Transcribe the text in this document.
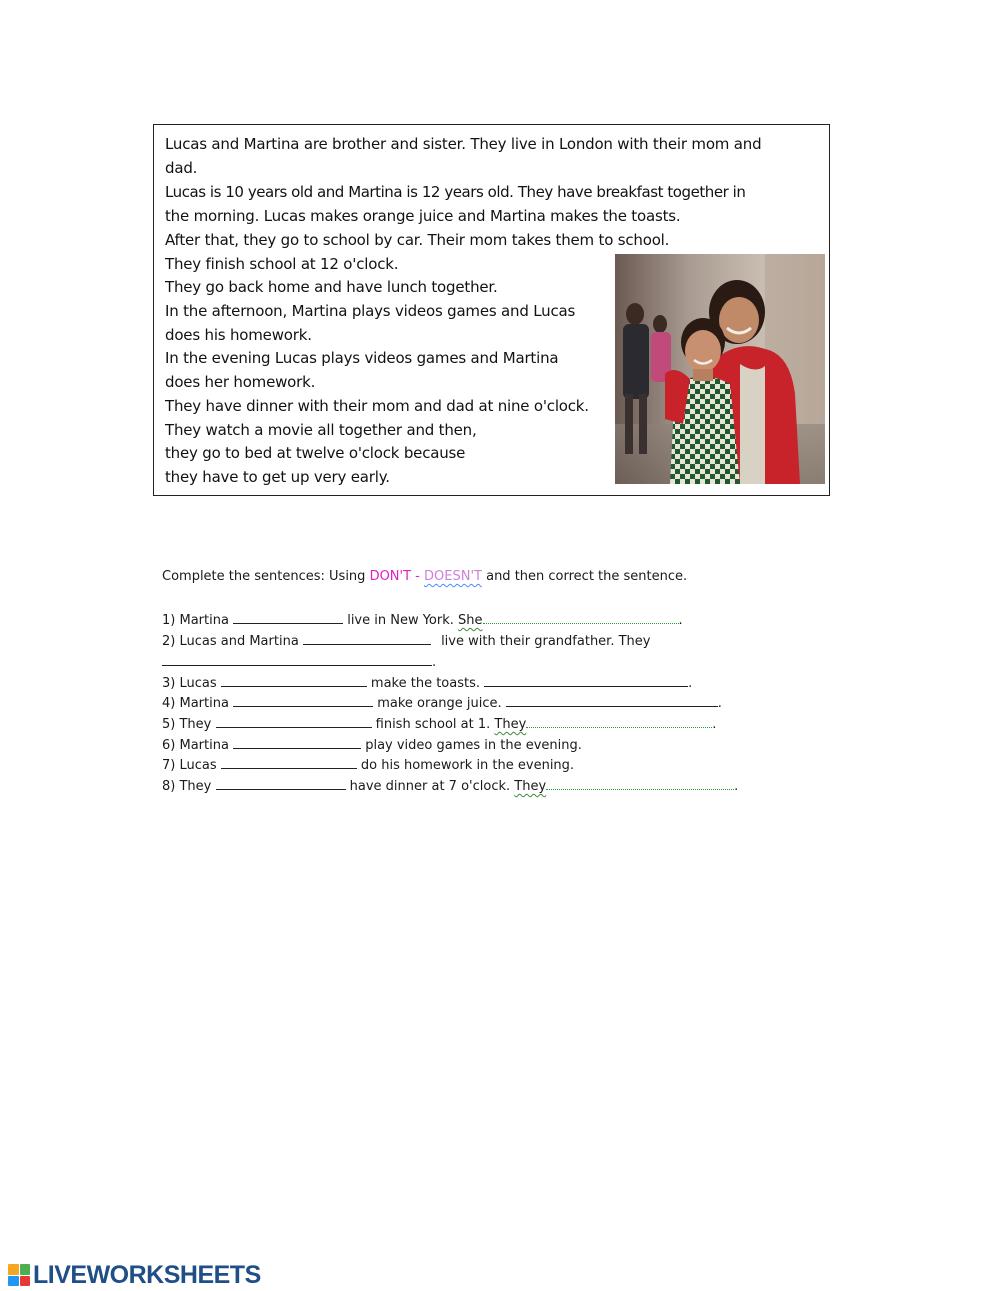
Lucas and Martina are brother and sister. They live in London with their mom and
dad.
Lucas is 10 years old and Martina is 12 years old. They have breakfast together in
the morning. Lucas makes orange juice and Martina makes the toasts.
After that, they go to school by car. Their mom takes them to school.
They finish school at 12 o'clock.
They go back home and have lunch together.
In the afternoon, Martina plays videos games and Lucas
does his homework.
In the evening Lucas plays videos games and Martina
does her homework.
They have dinner with their mom and dad at nine o'clock.
They watch a movie all together and then,
they go to bed at twelve o'clock because
they have to get up very early.
Complete the sentences: Using DON'T - DOESN'T and then correct the sentence.
1) Martina	live in New York. She	.
2) Lucas and Martina	live with their grandfather. They
.
3) Lucas	make the toasts.	.
4) Martina	make orange juice.	.
5) They	finish school at 1. They	.
6) Martina	play video games in the evening.
7) Lucas	do his homework in the evening.
8) They	have dinner at 7 o'clock. They	.
LIVEWORKSHEETS
